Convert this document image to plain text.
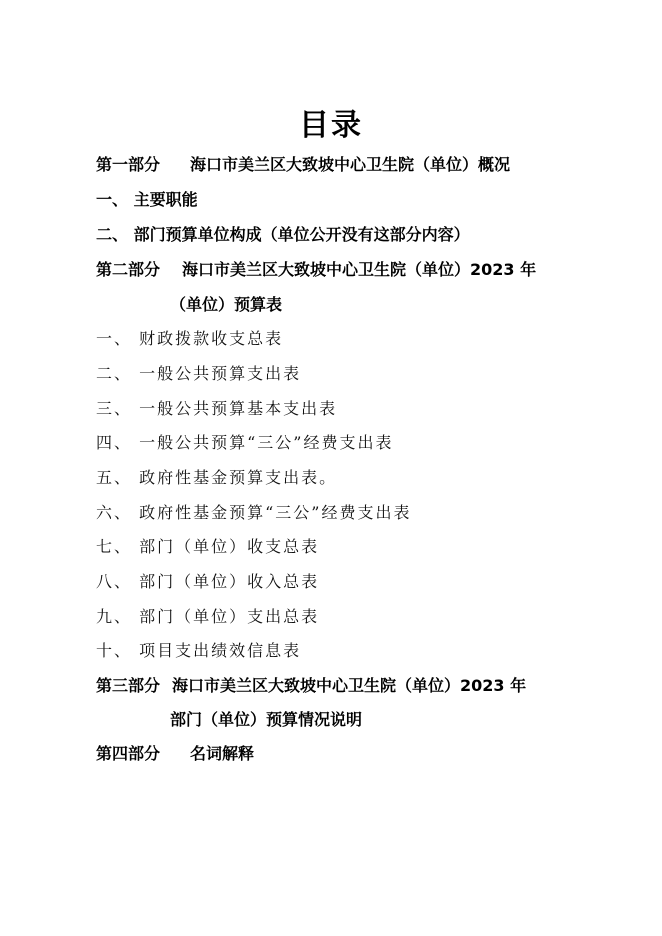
目录
第一部分 海口市美兰区大致坡中心卫生院（单位）概况
一、 主要职能
二、 部门预算单位构成（单位公开没有这部分内容）
第二部分 海口市美兰区大致坡中心卫生院（单位）2023 年
（单位）预算表
一、 财政拨款收支总表
二、 一般公共预算支出表
三、 一般公共预算基本支出表
四、 一般公共预算“三公”经费支出表
五、 政府性基金预算支出表。
六、 政府性基金预算“三公”经费支出表
七、 部门（单位）收支总表
八、 部门（单位）收入总表
九、 部门（单位）支出总表
十、 项目支出绩效信息表
第三部分 海口市美兰区大致坡中心卫生院（单位）2023 年
部门（单位）预算情况说明
第四部分 名词解释
